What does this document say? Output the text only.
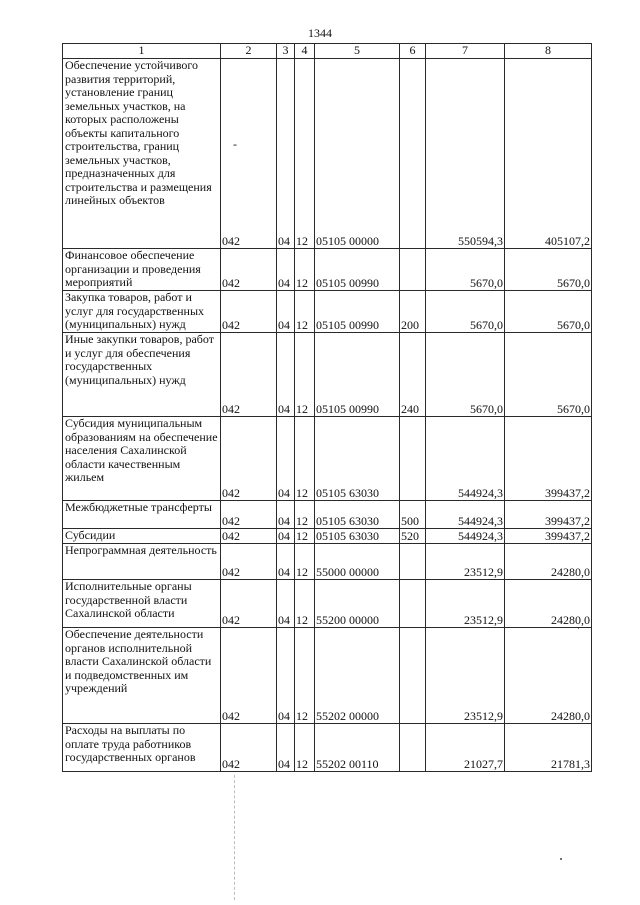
1344
1	2	3	4	5	6	7	8
Обеспечение устойчивого развития территорий, установление границ земельных участков, на которых расположены объекты капитального строительства, границ земельных участков, предназначенных для строительства и размещения линейных объектов	042	04	12	05105 00000		550594,3	405107,2
Финансовое обеспечение организации и проведения мероприятий	042	04	12	05105 00990		5670,0	5670,0
Закупка товаров, работ и услуг для государственных (муниципальных) нужд	042	04	12	05105 00990	200	5670,0	5670,0
Иные закупки товаров, работ и услуг для обеспечения государственных (муниципальных) нужд	042	04	12	05105 00990	240	5670,0	5670,0
Субсидия муниципальным образованиям на обеспечение населения Сахалинской области качественным жильем	042	04	12	05105 63030		544924,3	399437,2
Межбюджетные трансферты	042	04	12	05105 63030	500	544924,3	399437,2
Субсидии	042	04	12	05105 63030	520	544924,3	399437,2
Непрограммная деятельность	042	04	12	55000 00000		23512,9	24280,0
Исполнительные органы государственной власти Сахалинской области	042	04	12	55200 00000		23512,9	24280,0
Обеспечение деятельности органов исполнительной власти Сахалинской области и подведомственных им учреждений	042	04	12	55202 00000		23512,9	24280,0
Расходы на выплаты по оплате труда работников государственных органов	042	04	12	55202 00110		21027,7	21781,3
-
